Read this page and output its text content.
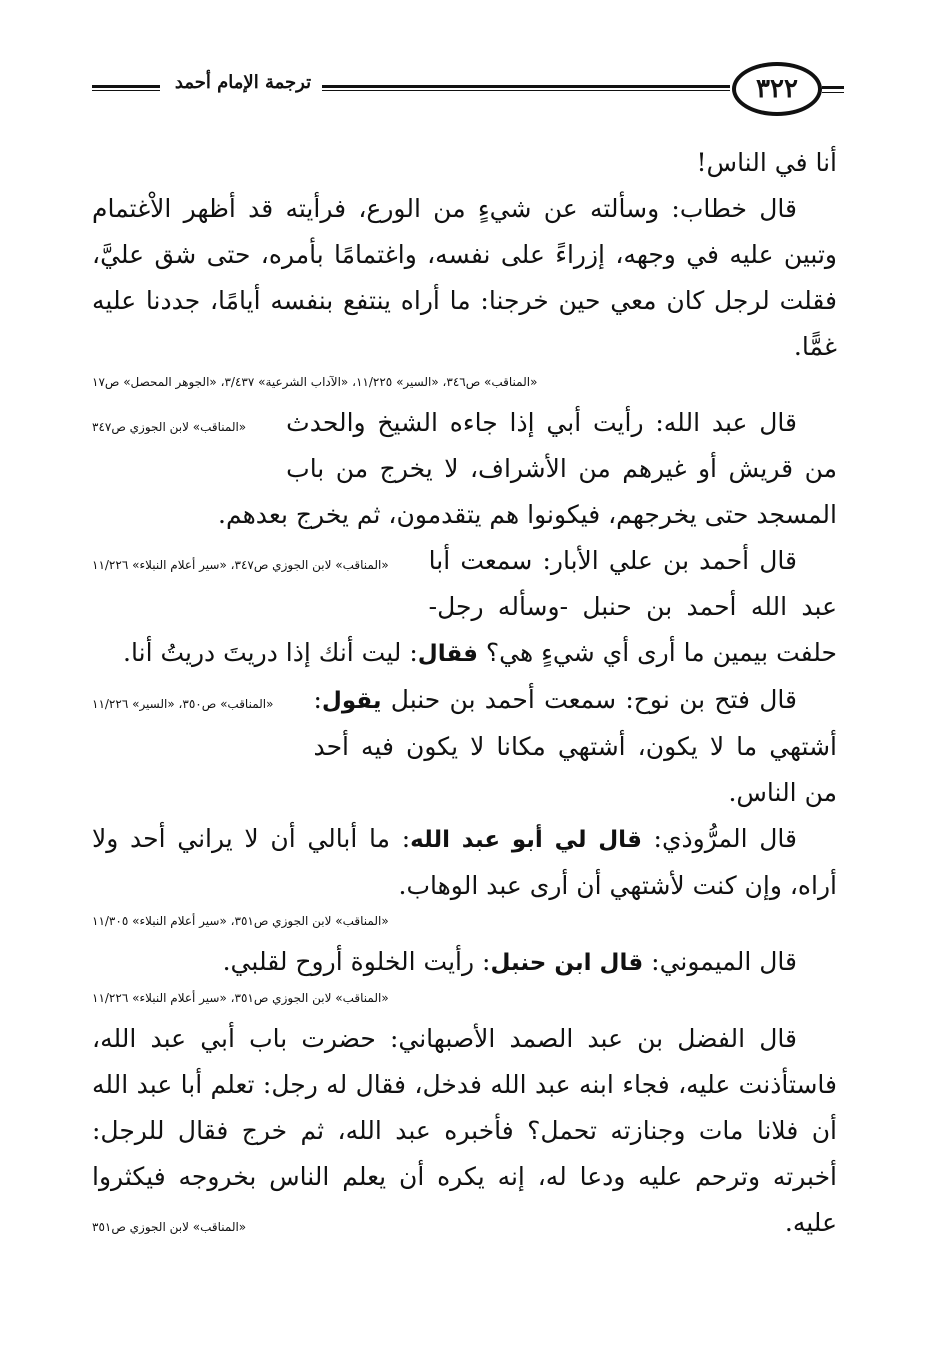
ترجمة الإمام أحمد	٣٢٢

أنا في الناس!

قال خطاب: وسألته عن شيءٍ من الورع، فرأيته قد أظهر الاْغتمام وتبين عليه في وجهه، إزراءً على نفسه، واغتمامًا بأمره، حتى شق عليَّ، فقلت لرجل كان معي حين خرجنا: ما أراه ينتفع بنفسه أيامًا، جددنا عليه غمًّا.

«المناقب» ص٣٤٦، «السير» ١١/٢٢٥، «الآداب الشرعية» ٣/٤٣٧، «الجوهر المحصل» ص١٧

«المناقب» لابن الجوزي ص٣٤٧	قال عبد الله: رأيت أبي إذا جاءه الشيخ والحدث من قريش أو غيرهم من الأشراف، لا يخرج من باب المسجد حتى يخرجهم، فيكونوا هم يتقدمون، ثم يخرج بعدهم.

«المناقب» لابن الجوزي ص٣٤٧، «سير أعلام النبلاء» ١١/٢٢٦	قال أحمد بن علي الأبار: سمعت أبا عبد الله أحمد بن حنبل -وسأله رجل- حلفت بيمين ما أرى أي شيءٍ هي؟ فقال: ليت أنك إذا دريتَ دريتُ أنا.

«المناقب» ص٣٥٠، «السير» ١١/٢٢٦	قال فتح بن نوح: سمعت أحمد بن حنبل يقول: أشتهي ما لا يكون، أشتهي مكانا لا يكون فيه أحد من الناس.

قال المرُّوذي: قال لي أبو عبد الله: ما أبالي أن لا يراني أحد ولا أراه، وإن كنت لأشتهي أن أرى عبد الوهاب.

«المناقب» لابن الجوزي ص٣٥١، «سير أعلام النبلاء» ١١/٣٠٥

قال الميموني: قال ابن حنبل: رأيت الخلوة أروح لقلبي.

«المناقب» لابن الجوزي ص٣٥١، «سير أعلام النبلاء» ١١/٢٢٦

قال الفضل بن عبد الصمد الأصبهاني: حضرت باب أبي عبد الله، فاستأذنت عليه، فجاء ابنه عبد الله فدخل، فقال له رجل: تعلم أبا عبد الله أن فلانا مات وجنازته تحمل؟ فأخبره عبد الله، ثم خرج فقال للرجل: أخبرته وترحم عليه ودعا له، إنه يكره أن يعلم الناس بخروجه فيكثروا عليه.
«المناقب» لابن الجوزي ص٣٥١
